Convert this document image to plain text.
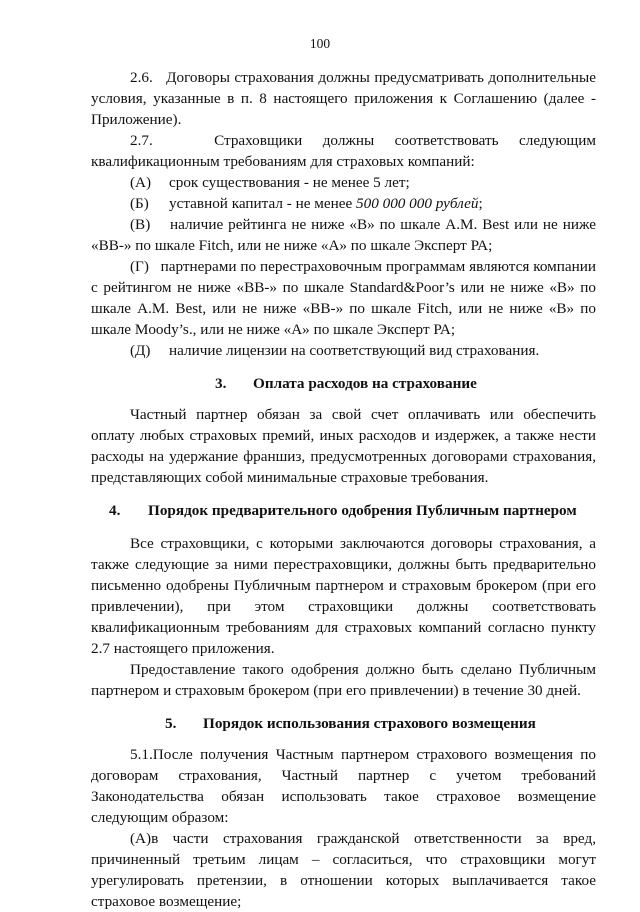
100

2.6.   Договоры страхования должны предусматривать дополнительные условия, указанные в п. 8 настоящего приложения к Соглашению (далее - Приложение).

2.7.   Страховщики должны соответствовать следующим

квалификационным требованиям для страховых компаний:

(А)	срок существования - не менее 5 лет;
(Б)	уставной капитал - не менее 500 000 000 рублей;

(В) наличие рейтинга не ниже «В» по шкале A.M. Best или не ниже «ВВ-» по шкале Fitch, или не ниже «А» по шкале Эксперт РА;

(Г)   партнерами по перестраховочным программам являются компании с рейтингом не ниже «ВВ-» по шкале Standard&Poor’s или не ниже «В» по шкале A.M. Best, или не ниже «ВВ-» по шкале Fitch, или не ниже «В» по шкале Moody’s., или не ниже «А» по шкале Эксперт РА;

(Д)	наличие лицензии на соответствующий вид страхования.
3.	Оплата расходов на страхование

Частный партнер обязан за свой счет оплачивать или обеспечить оплату любых страховых премий, иных расходов и издержек, а также нести расходы на удержание франшиз, предусмотренных договорами страхования, представляющих собой минимальные страховые требования.

4.	Порядок предварительного одобрения Публичным партнером

Все страховщики, с которыми заключаются договоры страхования, а также следующие за ними перестраховщики, должны быть предварительно письменно одобрены Публичным партнером и страховым брокером (при его привлечении), при этом страховщики должны соответствовать квалификационным требованиям для страховых компаний согласно пункту 2.7 настоящего приложения.

Предоставление такого одобрения должно быть сделано Публичным партнером и страховым брокером (при его привлечении) в течение 30 дней.

5.	Порядок использования страхового возмещения

5.1.После получения Частным партнером страхового возмещения по договорам страхования, Частный партнер с учетом требований Законодательства обязан использовать такое страховое возмещение следующим образом:

(А)в части страхования гражданской ответственности за вред, причиненный третьим лицам – согласиться, что страховщики могут урегулировать претензии, в отношении которых выплачивается такое страховое возмещение;
